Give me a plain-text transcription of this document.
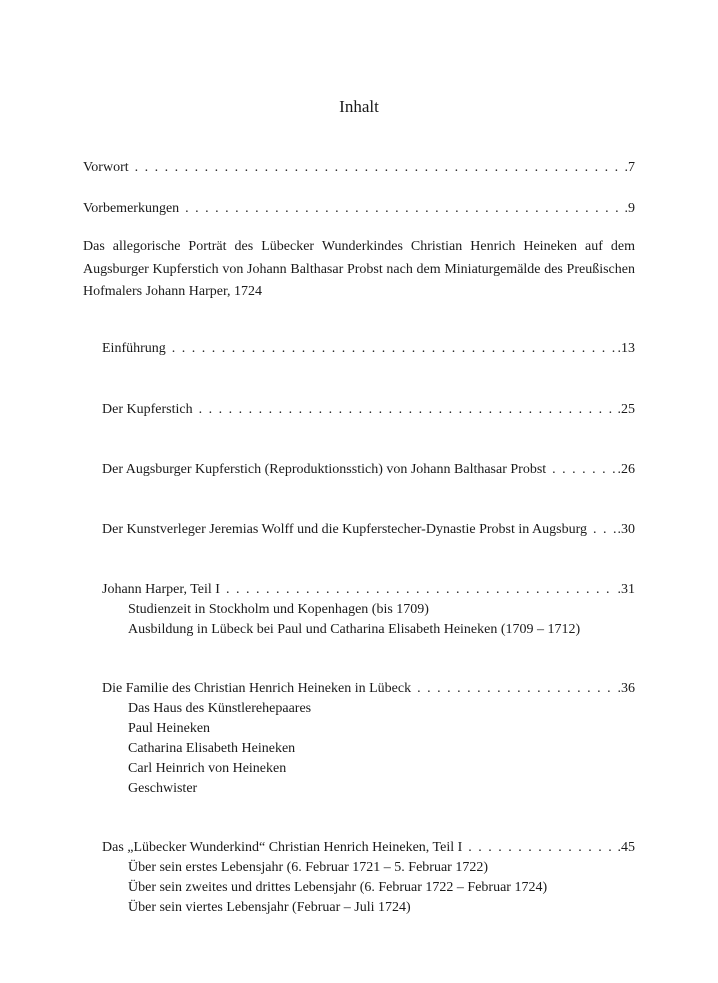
Inhalt
Vorwort . . .	.7
Vorbemerkungen . . .	.9
Das allegorische Porträt des Lübecker Wunderkindes Christian Henrich Heineken auf dem Augsburger Kupferstich von Johann Balthasar Probst nach dem Miniaturgemälde des Preußischen Hofmalers Johann Harper, 1724
Einführung . . .	.13
Der Kupferstich . . .	.25
Der Augsburger Kupferstich (Reproduktionsstich) von Johann Balthasar Probst . . .	.26
Der Kunstverleger Jeremias Wolff und die Kupferstecher-Dynastie Probst in Augsburg . . . .30
Johann Harper, Teil I . . .	.31
Studienzeit in Stockholm und Kopenhagen (bis 1709)
Ausbildung in Lübeck bei Paul und Catharina Elisabeth Heineken (1709 – 1712)
Die Familie des Christian Henrich Heineken in Lübeck . . .	.36
Das Haus des Künstlerehepaares
Paul Heineken
Catharina Elisabeth Heineken
Carl Heinrich von Heineken
Geschwister
Das „Lübecker Wunderkind“ Christian Henrich Heineken, Teil I . . .	.45
Über sein erstes Lebensjahr (6. Februar 1721 – 5. Februar 1722)
Über sein zweites und drittes Lebensjahr (6. Februar 1722 – Februar 1724)
Über sein viertes Lebensjahr (Februar – Juli 1724)
